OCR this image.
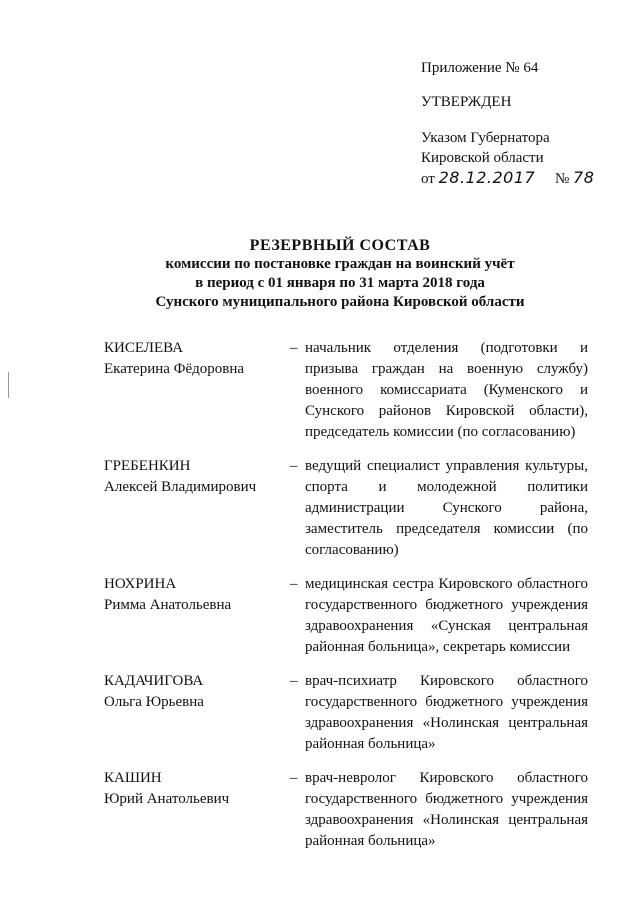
Приложение № 64
УТВЕРЖДЕН
Указом Губернатора
Кировской области
от 28.12.2017 № 78
РЕЗЕРВНЫЙ СОСТАВ
комиссии по постановке граждан на воинский учёт
в период с 01 января по 31 марта 2018 года
Сунского муниципального района Кировской области
КИСЕЛЕВА
Екатерина Фёдоровна
– начальник отделения (подготовки и призыва граждан на военную службу) военного комиссариата (Куменского и Сунского районов Кировской области), председатель комиссии (по согласованию)
ГРЕБЕНКИН
Алексей Владимирович
– ведущий специалист управления культуры, спорта и молодежной политики администрации Сунского района, заместитель председателя комиссии (по согласованию)
НОХРИНА
Римма Анатольевна
– медицинская сестра Кировского областного государственного бюджетного учреждения здравоохранения «Сунская центральная районная больница», секретарь комиссии
КАДАЧИГОВА
Ольга Юрьевна
– врач-психиатр Кировского областного государственного бюджетного учреждения здравоохранения «Нолинская центральная районная больница»
КАШИН
Юрий Анатольевич
– врач-невролог Кировского областного государственного бюджетного учреждения здравоохранения «Нолинская центральная районная больница»
